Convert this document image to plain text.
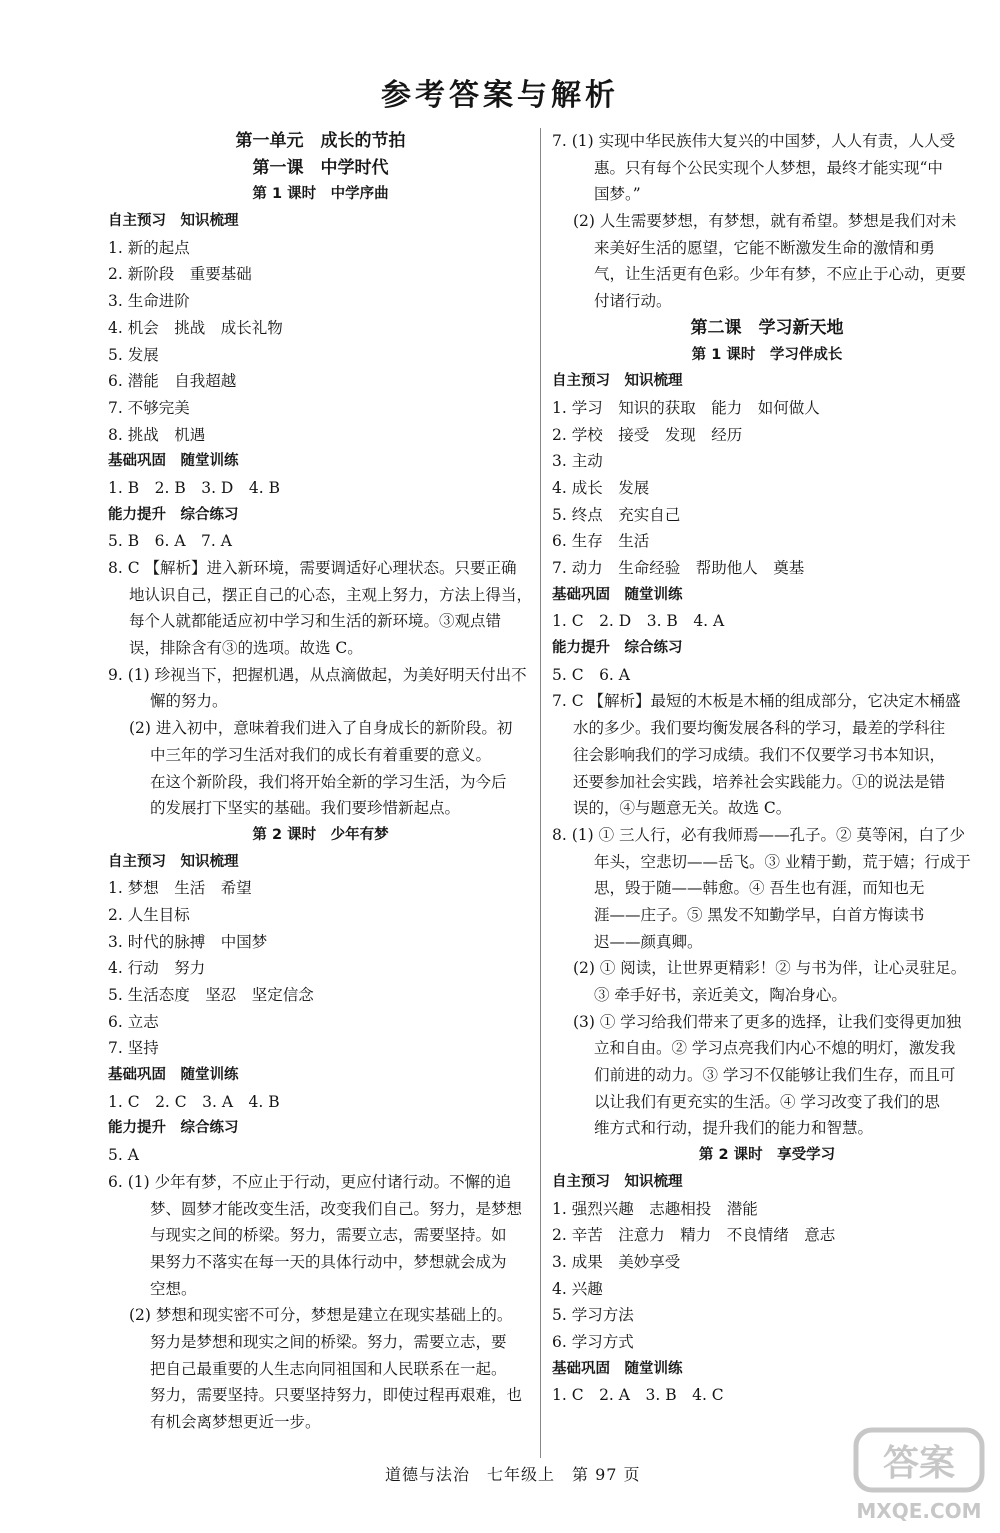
参考答案与解析
第一单元　成长的节拍
第一课　中学时代
第 1 课时　中学序曲
自主预习　知识梳理
1. 新的起点
2. 新阶段　重要基础
3. 生命进阶
4. 机会　挑战　成长礼物
5. 发展
6. 潜能　自我超越
7. 不够完美
8. 挑战　机遇
基础巩固　随堂训练
1. B　2. B　3. D　4. B
能力提升　综合练习
5. B　6. A　7. A
8. C 【解析】进入新环境，需要调适好心理状态。只要正确
地认识自己，摆正自己的心态，主观上努力，方法上得当，
每个人就都能适应初中学习和生活的新环境。③观点错
误，排除含有③的选项。故选 C。
9. (1) 珍视当下，把握机遇，从点滴做起，为美好明天付出不
懈的努力。
(2) 进入初中，意味着我们进入了自身成长的新阶段。初
中三年的学习生活对我们的成长有着重要的意义。
在这个新阶段，我们将开始全新的学习生活，为今后
的发展打下坚实的基础。我们要珍惜新起点。
第 2 课时　少年有梦
自主预习　知识梳理
1. 梦想　生活　希望
2. 人生目标
3. 时代的脉搏　中国梦
4. 行动　努力
5. 生活态度　坚忍　坚定信念
6. 立志
7. 坚持
基础巩固　随堂训练
1. C　2. C　3. A　4. B
能力提升　综合练习
5. A
6. (1) 少年有梦，不应止于行动，更应付诸行动。不懈的追
梦、圆梦才能改变生活，改变我们自己。努力，是梦想
与现实之间的桥梁。努力，需要立志，需要坚持。如
果努力不落实在每一天的具体行动中，梦想就会成为
空想。
(2) 梦想和现实密不可分，梦想是建立在现实基础上的。
努力是梦想和现实之间的桥梁。努力，需要立志，要
把自己最重要的人生志向同祖国和人民联系在一起。
努力，需要坚持。只要坚持努力，即使过程再艰难，也
有机会离梦想更近一步。
7. (1) 实现中华民族伟大复兴的中国梦，人人有责，人人受
惠。只有每个公民实现个人梦想，最终才能实现“中
国梦。”
(2) 人生需要梦想，有梦想，就有希望。梦想是我们对未
来美好生活的愿望，它能不断激发生命的激情和勇
气，让生活更有色彩。少年有梦，不应止于心动，更要
付诸行动。
第二课　学习新天地
第 1 课时　学习伴成长
自主预习　知识梳理
1. 学习　知识的获取　能力　如何做人
2. 学校　接受　发现　经历
3. 主动
4. 成长　发展
5. 终点　充实自己
6. 生存　生活
7. 动力　生命经验　帮助他人　奠基
基础巩固　随堂训练
1. C　2. D　3. B　4. A
能力提升　综合练习
5. C　6. A
7. C 【解析】最短的木板是木桶的组成部分，它决定木桶盛
水的多少。我们要均衡发展各科的学习，最差的学科往
往会影响我们的学习成绩。我们不仅要学习书本知识，
还要参加社会实践，培养社会实践能力。①的说法是错
误的，④与题意无关。故选 C。
8. (1) ① 三人行，必有我师焉——孔子。② 莫等闲，白了少
年头，空悲切——岳飞。③ 业精于勤，荒于嬉；行成于
思，毁于随——韩愈。④ 吾生也有涯，而知也无
涯——庄子。⑤ 黑发不知勤学早，白首方悔读书
迟——颜真卿。
(2) ① 阅读，让世界更精彩！② 与书为伴，让心灵驻足。
③ 牵手好书，亲近美文，陶冶身心。
(3) ① 学习给我们带来了更多的选择，让我们变得更加独
立和自由。② 学习点亮我们内心不熄的明灯，激发我
们前进的动力。③ 学习不仅能够让我们生存，而且可
以让我们有更充实的生活。④ 学习改变了我们的思
维方式和行动，提升我们的能力和智慧。
第 2 课时　享受学习
自主预习　知识梳理
1. 强烈兴趣　志趣相投　潜能
2. 辛苦　注意力　精力　不良情绪　意志
3. 成果　美妙享受
4. 兴趣
5. 学习方法
6. 学习方式
基础巩固　随堂训练
1. C　2. A　3. B　4. C
道德与法治　七年级上　第 97 页	答案
MXQE.COM
